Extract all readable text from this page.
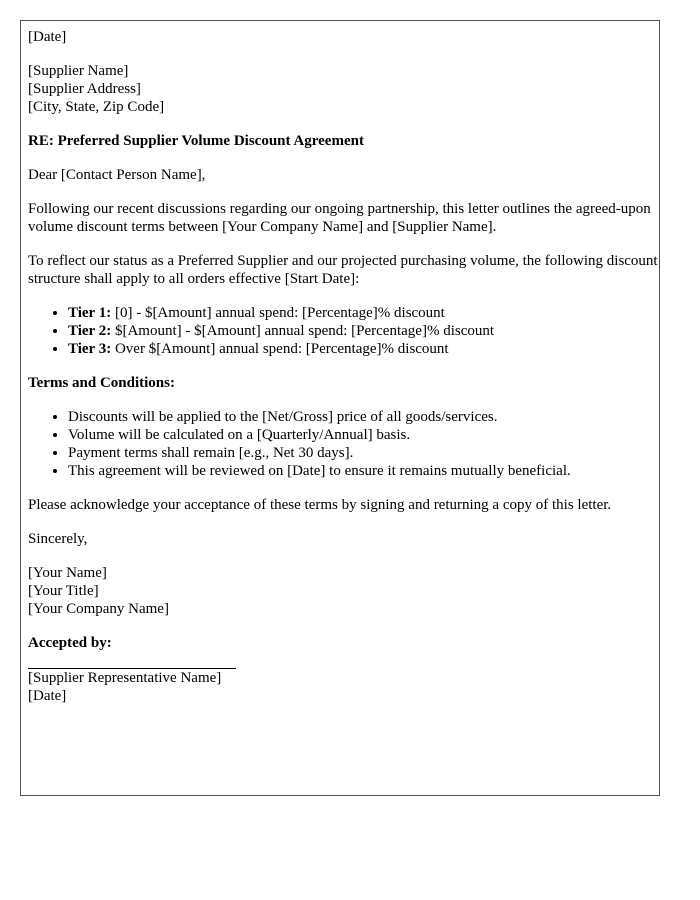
[Date]

[Supplier Name]
[Supplier Address]
[City, State, Zip Code]

RE: Preferred Supplier Volume Discount Agreement

Dear [Contact Person Name],

Following our recent discussions regarding our ongoing partnership, this letter outlines the agreed-upon volume discount terms between [Your Company Name] and [Supplier Name].

To reflect our status as a Preferred Supplier and our projected purchasing volume, the following discount structure shall apply to all orders effective [Start Date]:

• Tier 1: [0] - $[Amount] annual spend: [Percentage]% discount
• Tier 2: $[Amount] - $[Amount] annual spend: [Percentage]% discount
• Tier 3: Over $[Amount] annual spend: [Percentage]% discount

Terms and Conditions:

• Discounts will be applied to the [Net/Gross] price of all goods/services.
• Volume will be calculated on a [Quarterly/Annual] basis.
• Payment terms shall remain [e.g., Net 30 days].
• This agreement will be reviewed on [Date] to ensure it remains mutually beneficial.

Please acknowledge your acceptance of these terms by signing and returning a copy of this letter.

Sincerely,

[Your Name]
[Your Title]
[Your Company Name]

Accepted by:

[Supplier Representative Name]
[Date]
